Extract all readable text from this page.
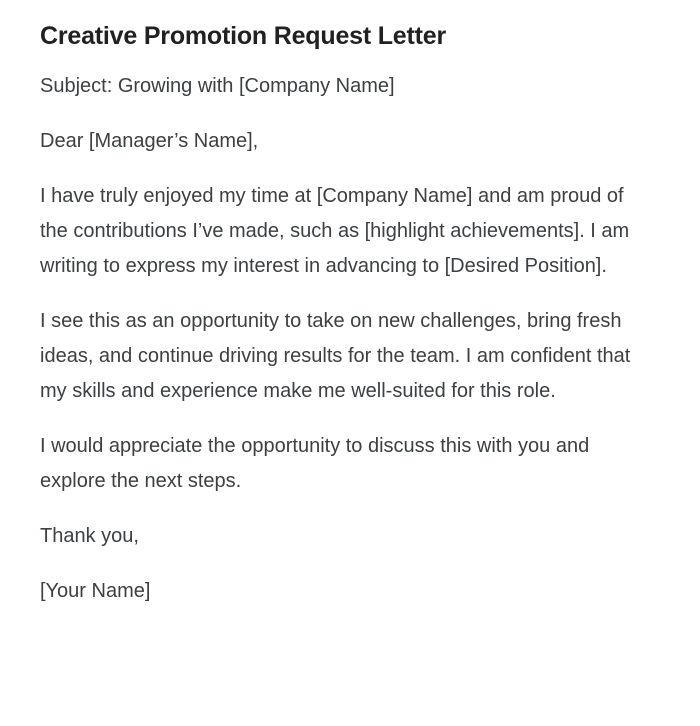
Creative Promotion Request Letter

Subject: Growing with [Company Name]

Dear [Manager’s Name],

I have truly enjoyed my time at [Company Name] and am proud of the contributions I’ve made, such as [highlight achievements]. I am writing to express my interest in advancing to [Desired Position].

I see this as an opportunity to take on new challenges, bring fresh ideas, and continue driving results for the team. I am confident that my skills and experience make me well-suited for this role.

I would appreciate the opportunity to discuss this with you and explore the next steps.

Thank you,

[Your Name]
